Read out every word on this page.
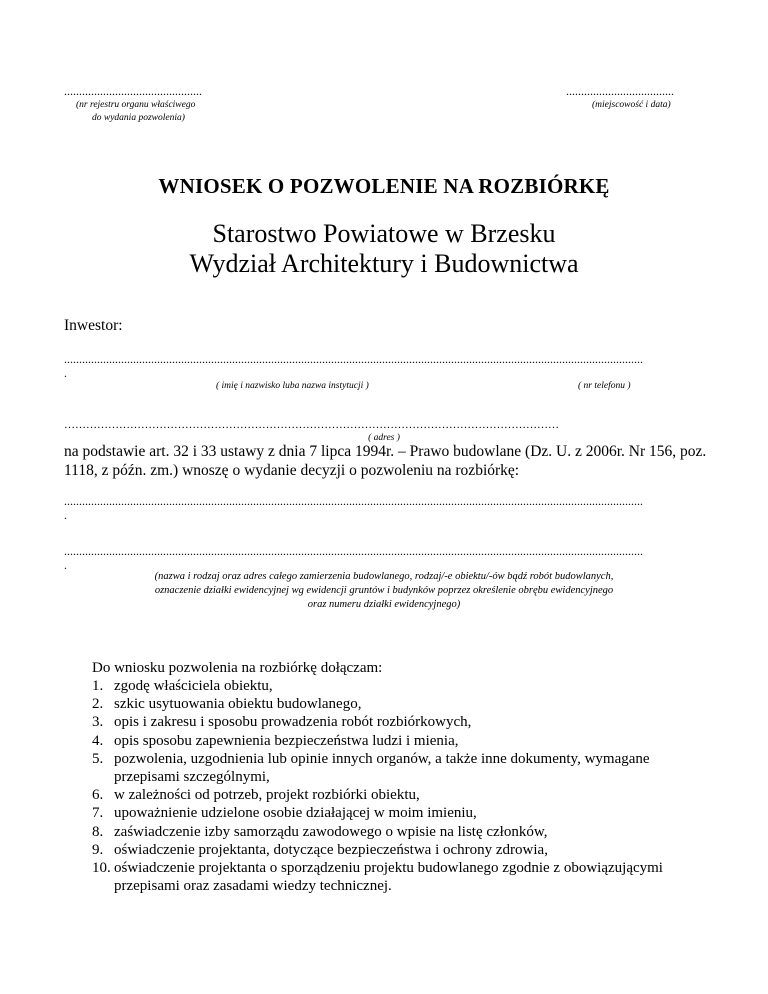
..............................................
(nr rejestru organu właściwego
do wydania pozwolenia)
....................................
(miejscowość i data)
WNIOSEK O POZWOLENIE NA ROZBIÓRKĘ
Starostwo Powiatowe w Brzesku
Wydział Architektury i Budownictwa
Inwestor:
.................................................................................................................................................................................................
.
( imię i nazwisko luba nazwa instytucji )	( nr telefonu )
………………………………………………………………………………………………………………………
( adres )
na podstawie art. 32 i 33 ustawy z dnia 7 lipca 1994r. – Prawo budowlane (Dz. U. z 2006r. Nr 156, poz.
1118, z późn. zm.) wnoszę o wydanie decyzji o pozwoleniu na rozbiórkę:
.................................................................................................................................................................................................
.
.................................................................................................................................................................................................
.
(nazwa i rodzaj oraz adres całego zamierzenia budowlanego, rodzaj/-e obiektu/-ów bądź robót budowlanych,
oznaczenie działki ewidencyjnej wg ewidencji gruntów i budynków poprzez określenie obrębu ewidencyjnego
oraz numeru działki ewidencyjnego)
Do wniosku pozwolenia na rozbiórkę dołączam:
1. zgodę właściciela obiektu,
2. szkic usytuowania obiektu budowlanego,
3. opis i zakresu i sposobu prowadzenia robót rozbiórkowych,
4. opis sposobu zapewnienia bezpieczeństwa ludzi i mienia,
5. pozwolenia, uzgodnienia lub opinie innych organów, a także inne dokumenty, wymagane przepisami szczególnymi,
6. w zależności od potrzeb, projekt rozbiórki obiektu,
7. upoważnienie udzielone osobie działającej w moim imieniu,
8. zaświadczenie izby samorządu zawodowego o wpisie na listę członków,
9. oświadczenie projektanta, dotyczące bezpieczeństwa i ochrony zdrowia,
10. oświadczenie projektanta o sporządzeniu projektu budowlanego zgodnie z obowiązującymi przepisami oraz zasadami wiedzy technicznej.
